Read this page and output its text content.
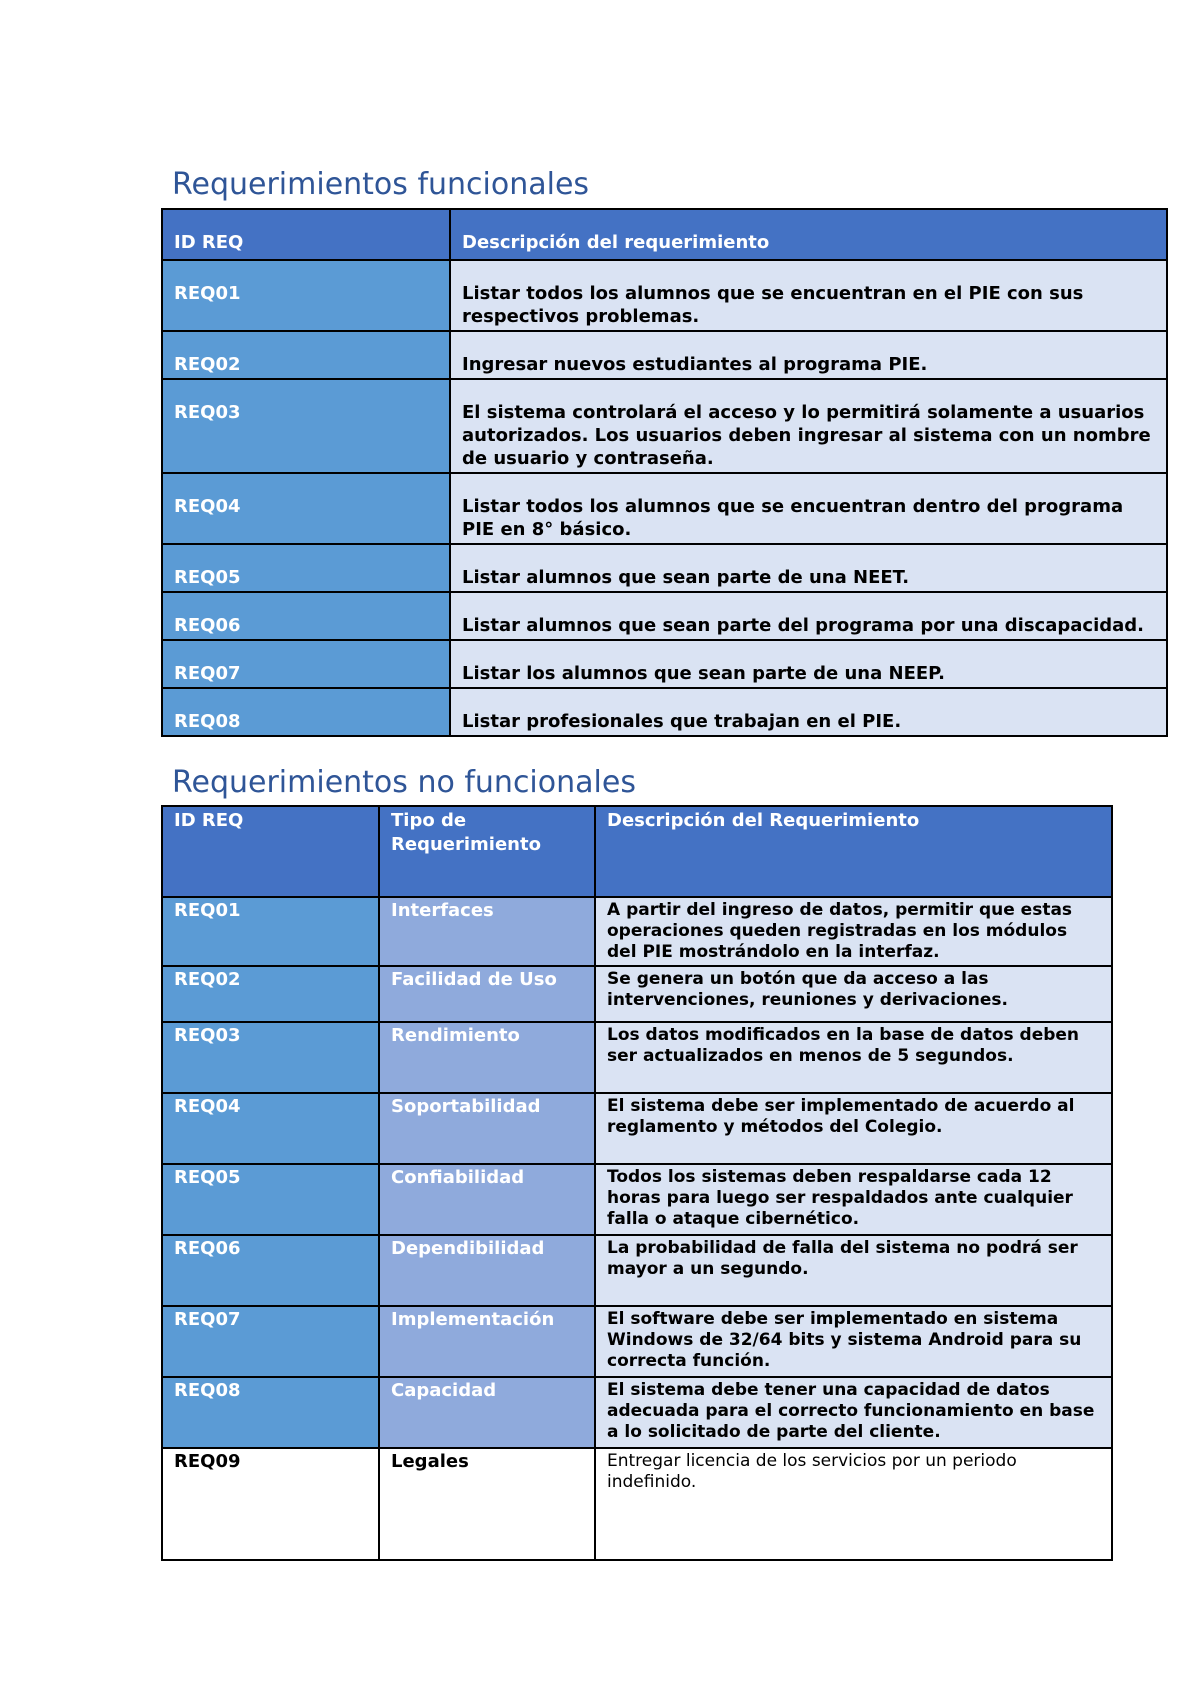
Requerimientos funcionales
ID REQ	Descripción del requerimiento
REQ01	Listar todos los alumnos que se encuentran en el PIE con sus respectivos problemas.
REQ02	Ingresar nuevos estudiantes al programa PIE.
REQ03	El sistema controlará el acceso y lo permitirá solamente a usuarios autorizados. Los usuarios deben ingresar al sistema con un nombre de usuario y contraseña.
REQ04	Listar todos los alumnos que se encuentran dentro del programa PIE en 8° básico.
REQ05	Listar alumnos que sean parte de una NEET.
REQ06	Listar alumnos que sean parte del programa por una discapacidad.
REQ07	Listar los alumnos que sean parte de una NEEP.
REQ08	Listar profesionales que trabajan en el PIE.
Requerimientos no funcionales
ID REQ	Tipo de Requerimiento	Descripción del Requerimiento
REQ01	Interfaces	A partir del ingreso de datos, permitir que estas operaciones queden registradas en los módulos del PIE mostrándolo en la interfaz.
REQ02	Facilidad de Uso	Se genera un botón que da acceso a las intervenciones, reuniones y derivaciones.
REQ03	Rendimiento	Los datos modificados en la base de datos deben ser actualizados en menos de 5 segundos.
REQ04	Soportabilidad	El sistema debe ser implementado de acuerdo al reglamento y métodos del Colegio.
REQ05	Confiabilidad	Todos los sistemas deben respaldarse cada 12 horas para luego ser respaldados ante cualquier falla o ataque cibernético.
REQ06	Dependibilidad	La probabilidad de falla del sistema no podrá ser mayor a un segundo.
REQ07	Implementación	El software debe ser implementado en sistema Windows de 32/64 bits y sistema Android para su correcta función.
REQ08	Capacidad	El sistema debe tener una capacidad de datos adecuada para el correcto funcionamiento en base a lo solicitado de parte del cliente.
REQ09	Legales	Entregar licencia de los servicios por un periodo indefinido.
